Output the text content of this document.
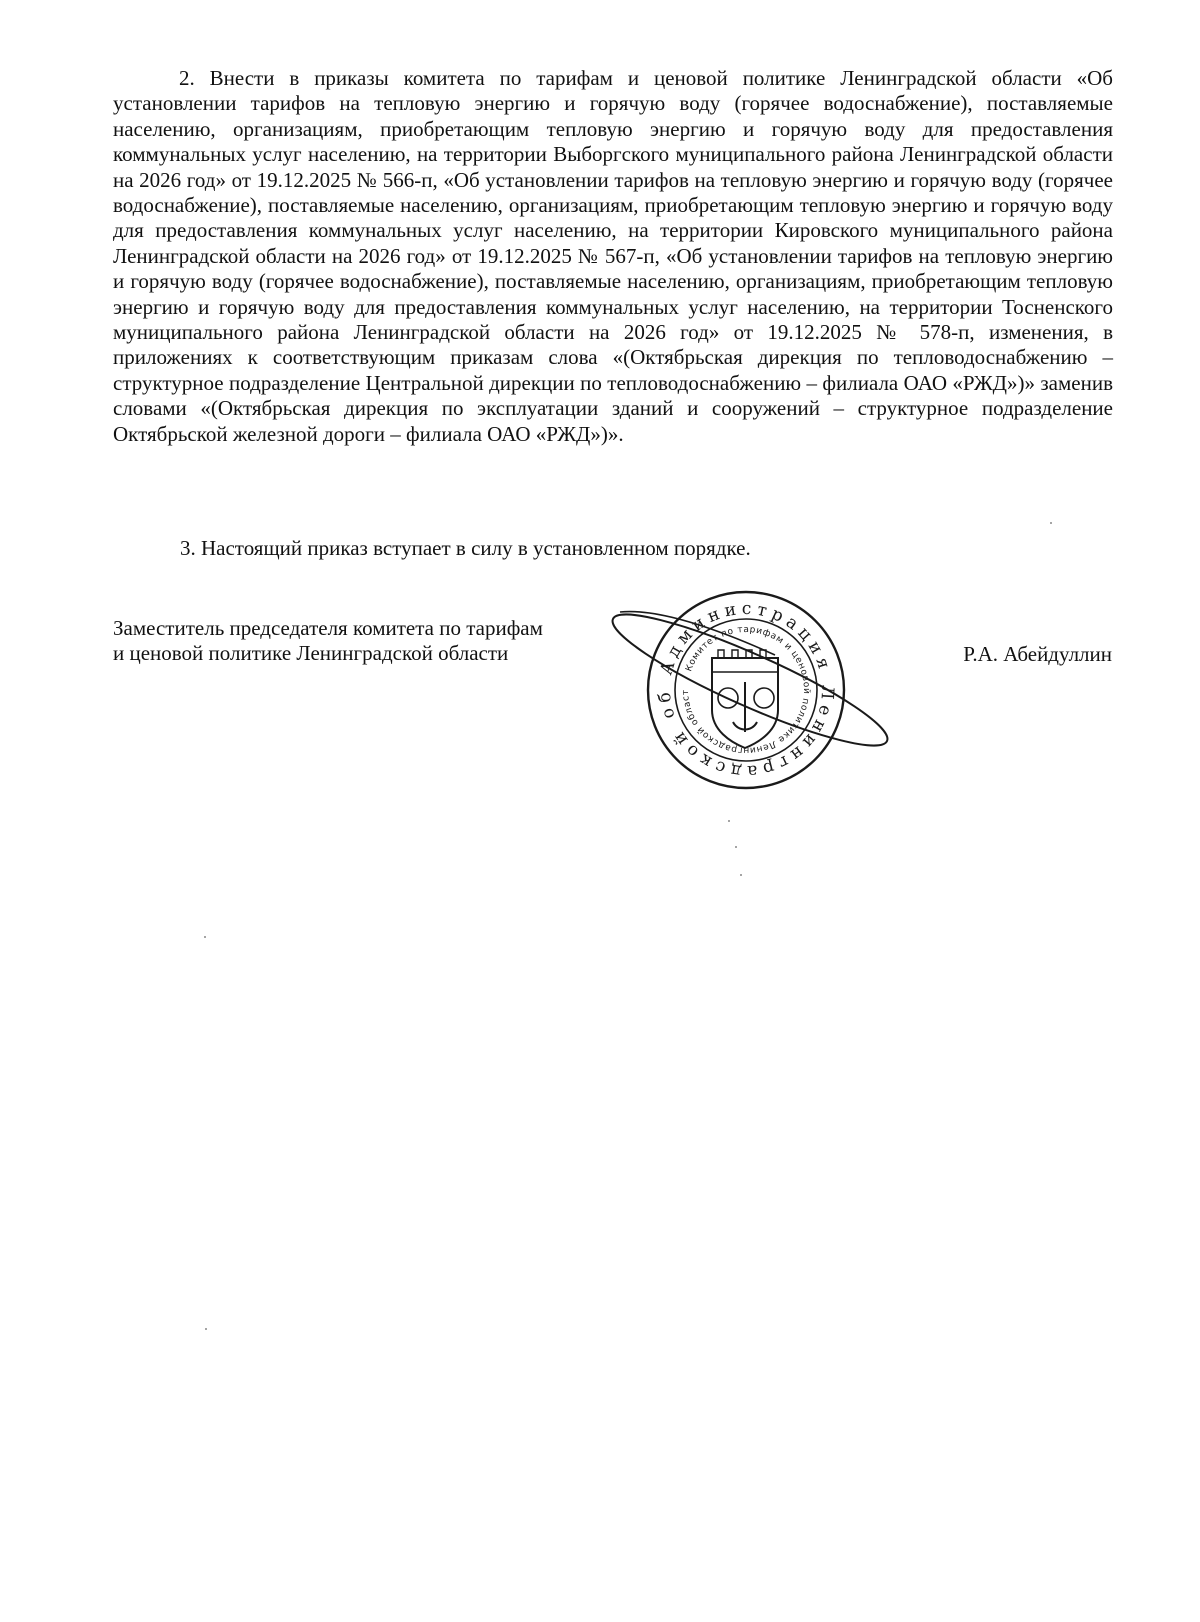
2. Внести в приказы комитета по тарифам и ценовой политике Ленинградской области «Об установлении тарифов на тепловую энергию и горячую воду (горячее водоснабжение), поставляемые населению, организациям, приобретающим тепловую энергию и горячую воду для предоставления коммунальных услуг населению, на территории Выборгского муниципального района Ленинградской области на 2026 год» от 19.12.2025 № 566-п, «Об установлении тарифов на тепловую энергию и горячую воду (горячее водоснабжение), поставляемые населению, организациям, приобретающим тепловую энергию и горячую воду для предоставления коммунальных услуг населению, на территории Кировского муниципального района Ленинградской области на 2026 год» от 19.12.2025 № 567-п, «Об установлении тарифов на тепловую энергию и горячую воду (горячее водоснабжение), поставляемые населению, организациям, приобретающим тепловую энергию и горячую воду для предоставления коммунальных услуг населению, на территории Тосненского муниципального района Ленинградской области на 2026 год» от 19.12.2025 № 578-п, изменения, в приложениях к соответствующим приказам слова «(Октябрьская дирекция по тепловодоснабжению – структурное подразделение Центральной дирекции по тепловодоснабжению – филиала ОАО «РЖД»)» заменив словами «(Октябрьская дирекция по эксплуатации зданий и сооружений – структурное подразделение Октябрьской железной дороги – филиала ОАО «РЖД»)».

3. Настоящий приказ вступает в силу в установленном порядке.

Заместитель председателя комитета по тарифам
и ценовой политике Ленинградской области
Администрация Ленинградской об
Комитет по тарифам и ценовой политике Ленинградской област
Р.А. Абейдуллин
